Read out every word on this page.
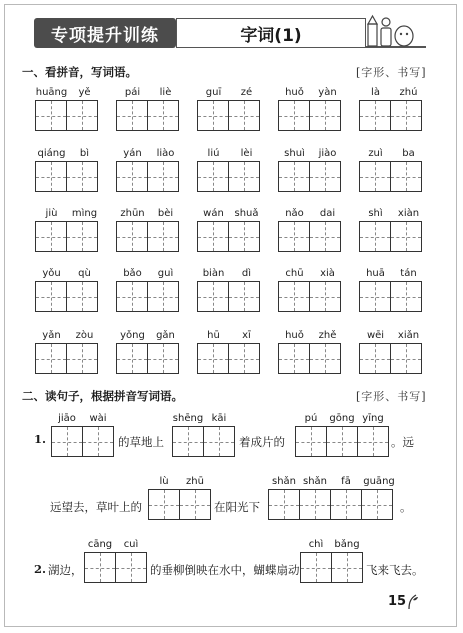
专项提升训练	字词(1)
一、看拼音，写词语。	[字形、书写]
huāng	yě	pái	liè	guī	zé	huǒ	yàn	là	zhú
qiáng	bì	yán	liào	liú	lèi	shuì	jiào	zuì	ba
jiù	mìng	zhūn	bèi	wán	shuǎ	nǎo	dai	shì	xiàn
yǒu	qù	bǎo	guì	biàn	dì	chū	xià	huā	tán
yǎn	zòu	yǒng	gǎn	hū	xī	huǒ	zhě	wēi	xiǎn
二、读句子，根据拼音写词语。	[字形、书写]
1.
jiāo	wài
的草地上
shēng kāi
着成片的
pú	gōng yīng
。远
远望去，草叶上的
lù	zhū
在阳光下
shǎn shǎn	fā	guāng
。
2. 湖边，
cāng	cuì
的垂柳倒映在水中，蝴蝶扇动
chì	bǎng
飞来飞去。
15
